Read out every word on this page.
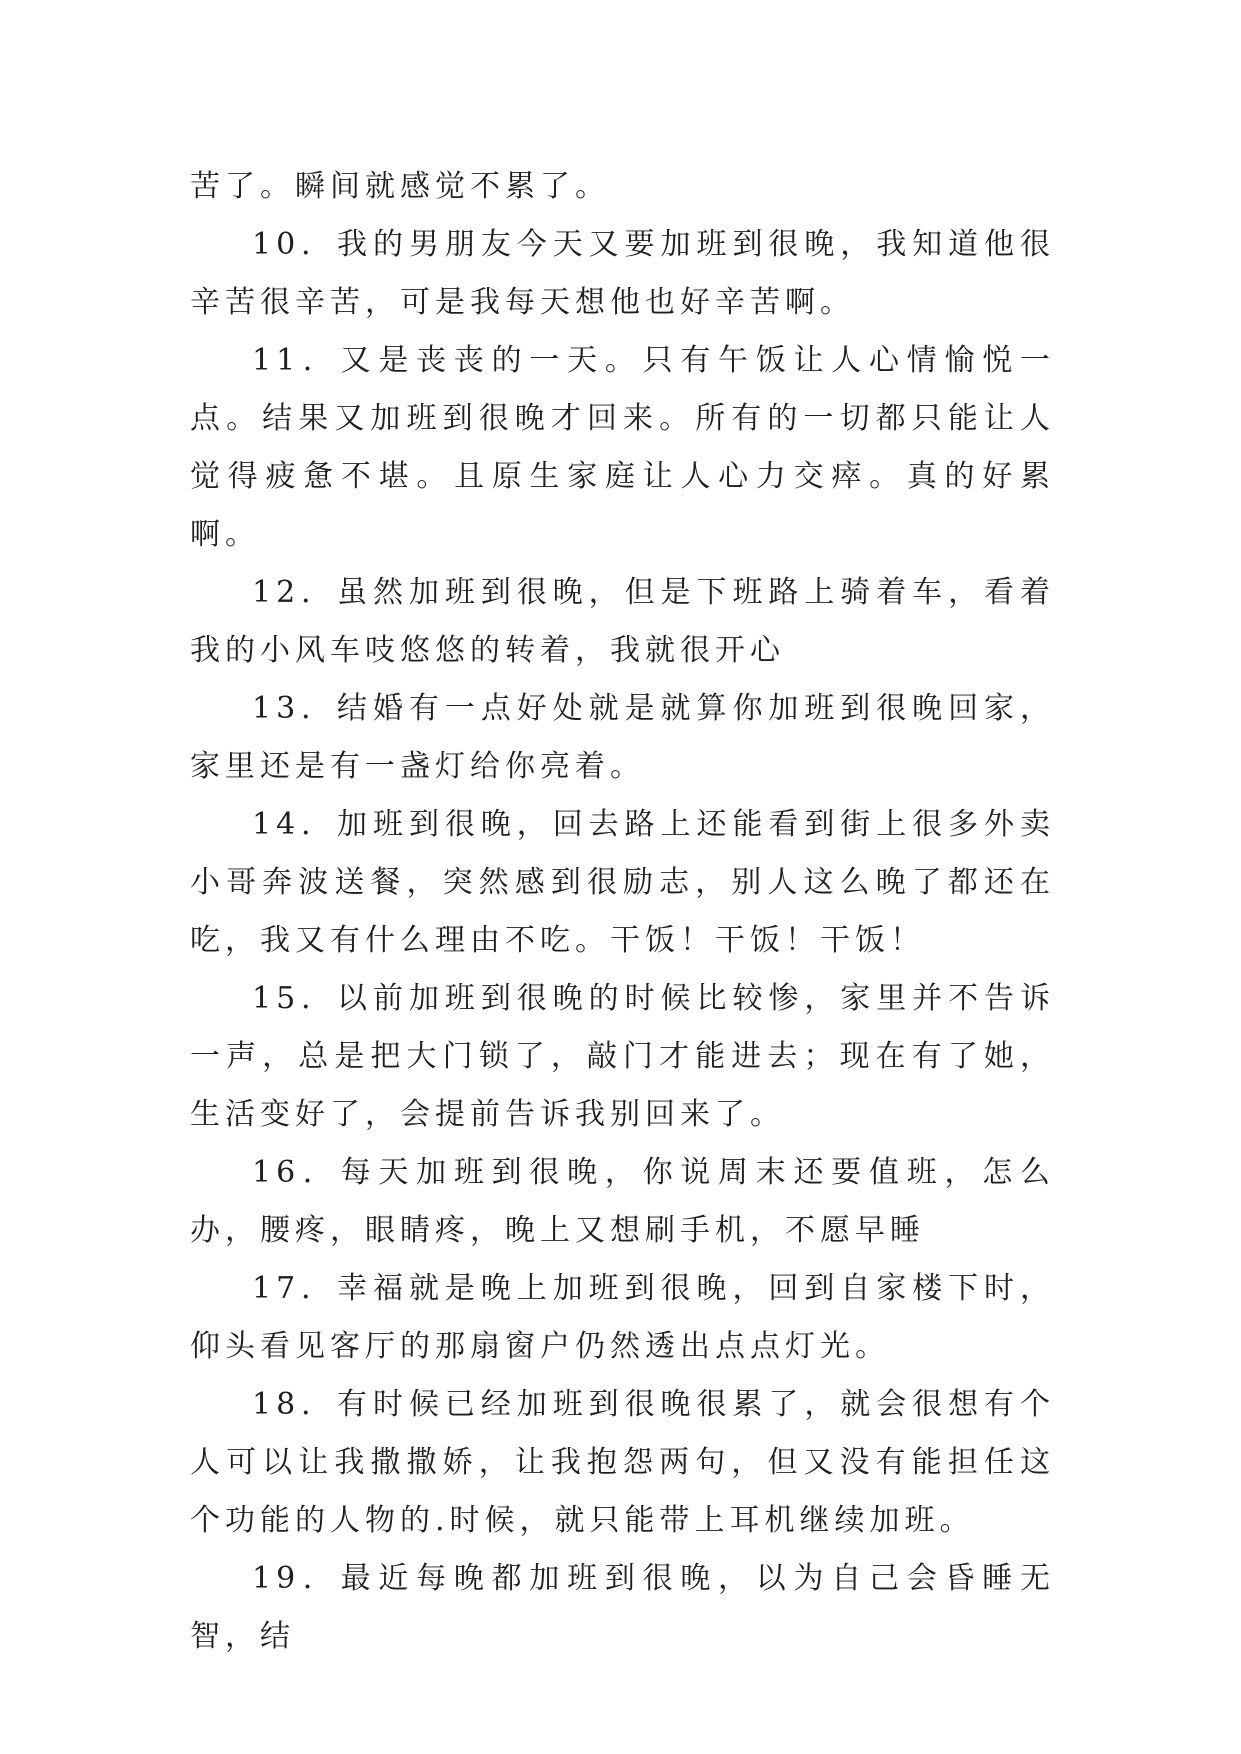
苦了。瞬间就感觉不累了。

10．我的男朋友今天又要加班到很晚，我知道他很辛苦很辛苦，可是我每天想他也好辛苦啊。

11．又是丧丧的一天。只有午饭让人心情愉悦一点。结果又加班到很晚才回来。所有的一切都只能让人觉得疲惫不堪。且原生家庭让人心力交瘁。真的好累啊。

12．虽然加班到很晚，但是下班路上骑着车，看着我的小风车吱悠悠的转着，我就很开心

13．结婚有一点好处就是就算你加班到很晚回家，家里还是有一盏灯给你亮着。

14．加班到很晚，回去路上还能看到街上很多外卖小哥奔波送餐，突然感到很励志，别人这么晚了都还在吃，我又有什么理由不吃。干饭！干饭！干饭！

15．以前加班到很晚的时候比较惨，家里并不告诉一声，总是把大门锁了，敲门才能进去；现在有了她，生活变好了，会提前告诉我别回来了。

16．每天加班到很晚，你说周末还要值班，怎么办，腰疼，眼睛疼，晚上又想刷手机，不愿早睡

17．幸福就是晚上加班到很晚，回到自家楼下时，仰头看见客厅的那扇窗户仍然透出点点灯光。

18．有时候已经加班到很晚很累了，就会很想有个人可以让我撒撒娇，让我抱怨两句，但又没有能担任这个功能的人物的.时候，就只能带上耳机继续加班。

19．最近每晚都加班到很晚，以为自己会昏睡无智，结
